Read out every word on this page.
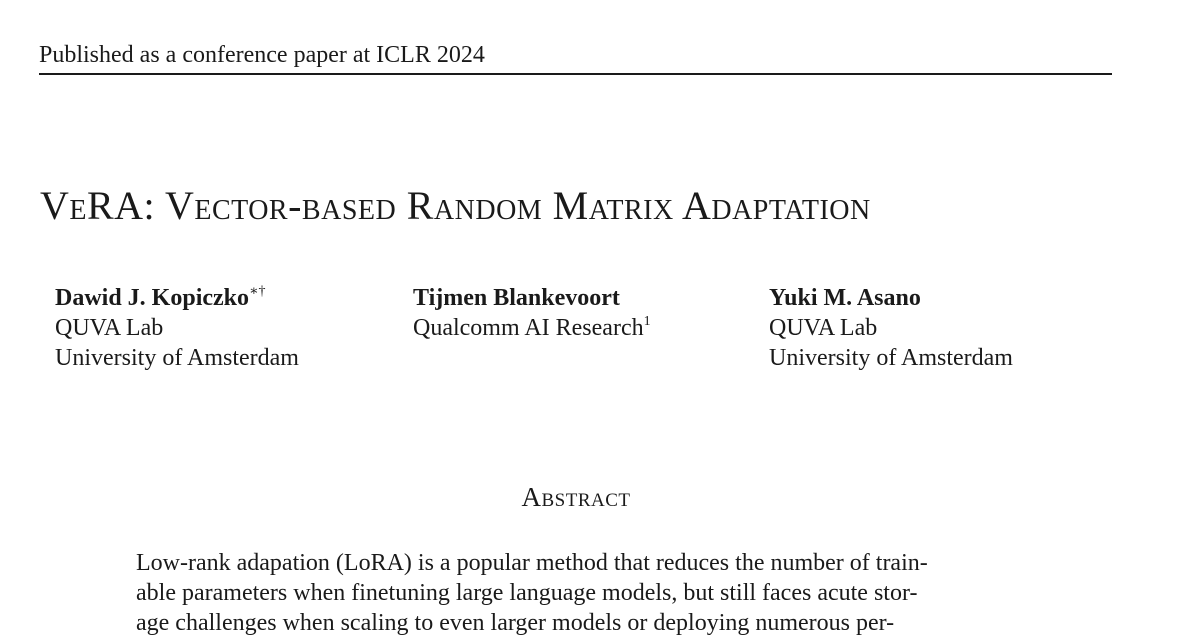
Published as a conference paper at ICLR 2024
VeRA: Vector-based Random Matrix Adaptation
Dawid J. Kopiczko∗†
QUVA Lab
University of Amsterdam
Tijmen Blankevoort
Qualcomm AI Research$^1$
Yuki M. Asano
QUVA Lab
University of Amsterdam
Abstract
Low-rank adapation (LoRA) is a popular method that reduces the number of train-
able parameters when finetuning large language models, but still faces acute stor-
age challenges when scaling to even larger models or deploying numerous per-
